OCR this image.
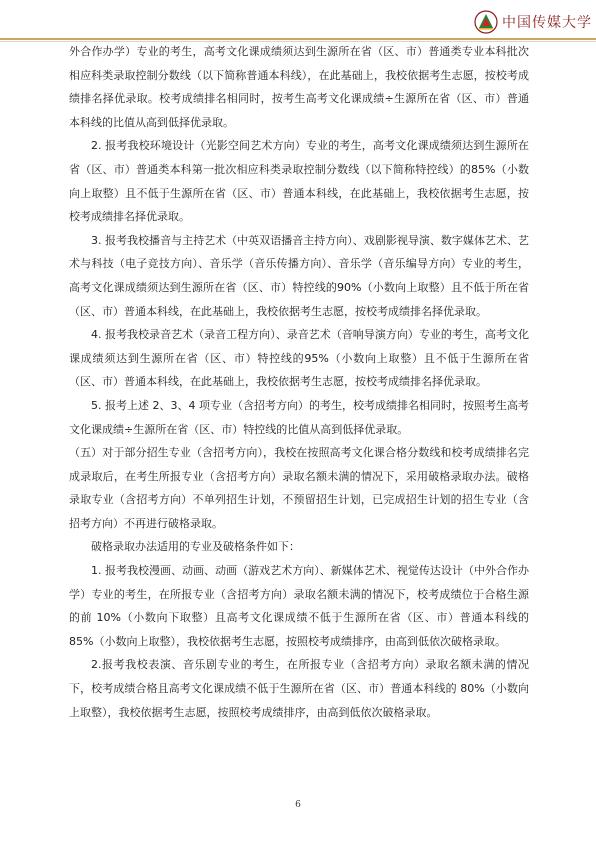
中国传媒大学

外合作办学）专业的考生，高考文化课成绩须达到生源所在省（区、市）普通类专业本科批次相应科类录取控制分数线（以下简称普通本科线），在此基础上，我校依据考生志愿，按校考成绩排名择优录取。校考成绩排名相同时，按考生高考文化课成绩÷生源所在省（区、市）普通本科线的比值从高到低择优录取。

2. 报考我校环境设计（光影空间艺术方向）专业的考生，高考文化课成绩须达到生源所在省（区、市）普通类本科第一批次相应科类录取控制分数线（以下简称特控线）的85%（小数向上取整）且不低于生源所在省（区、市）普通本科线，在此基础上，我校依据考生志愿，按校考成绩排名择优录取。

3. 报考我校播音与主持艺术（中英双语播音主持方向）、戏剧影视导演、数字媒体艺术、艺术与科技（电子竞技方向）、音乐学（音乐传播方向）、音乐学（音乐编导方向）专业的考生，高考文化课成绩须达到生源所在省（区、市）特控线的90%（小数向上取整）且不低于所在省（区、市）普通本科线，在此基础上，我校依据考生志愿，按校考成绩排名择优录取。

4. 报考我校录音艺术（录音工程方向）、录音艺术（音响导演方向）专业的考生，高考文化课成绩须达到生源所在省（区、市）特控线的95%（小数向上取整）且不低于生源所在省（区、市）普通本科线，在此基础上，我校依据考生志愿，按校考成绩排名择优录取。

5. 报考上述 2、3、4 项专业（含招考方向）的考生，校考成绩排名相同时，按照考生高考文化课成绩÷生源所在省（区、市）特控线的比值从高到低择优录取。

（五）对于部分招生专业（含招考方向），我校在按照高考文化课合格分数线和校考成绩排名完成录取后，在考生所报专业（含招考方向）录取名额未满的情况下，采用破格录取办法。破格录取专业（含招考方向）不单列招生计划，不预留招生计划，已完成招生计划的招生专业（含招考方向）不再进行破格录取。

破格录取办法适用的专业及破格条件如下：

1. 报考我校漫画、动画、动画（游戏艺术方向）、新媒体艺术、视觉传达设计（中外合作办学）专业的考生，在所报专业（含招考方向）录取名额未满的情况下，校考成绩位于合格生源的前 10%（小数向下取整）且高考文化课成绩不低于生源所在省（区、市）普通本科线的 85%（小数向上取整），我校依据考生志愿，按照校考成绩排序，由高到低依次破格录取。

2.报考我校表演、音乐剧专业的考生，在所报专业（含招考方向）录取名额未满的情况下，校考成绩合格且高考文化课成绩不低于生源所在省（区、市）普通本科线的 80%（小数向上取整），我校依据考生志愿，按照校考成绩排序，由高到低依次破格录取。

6
